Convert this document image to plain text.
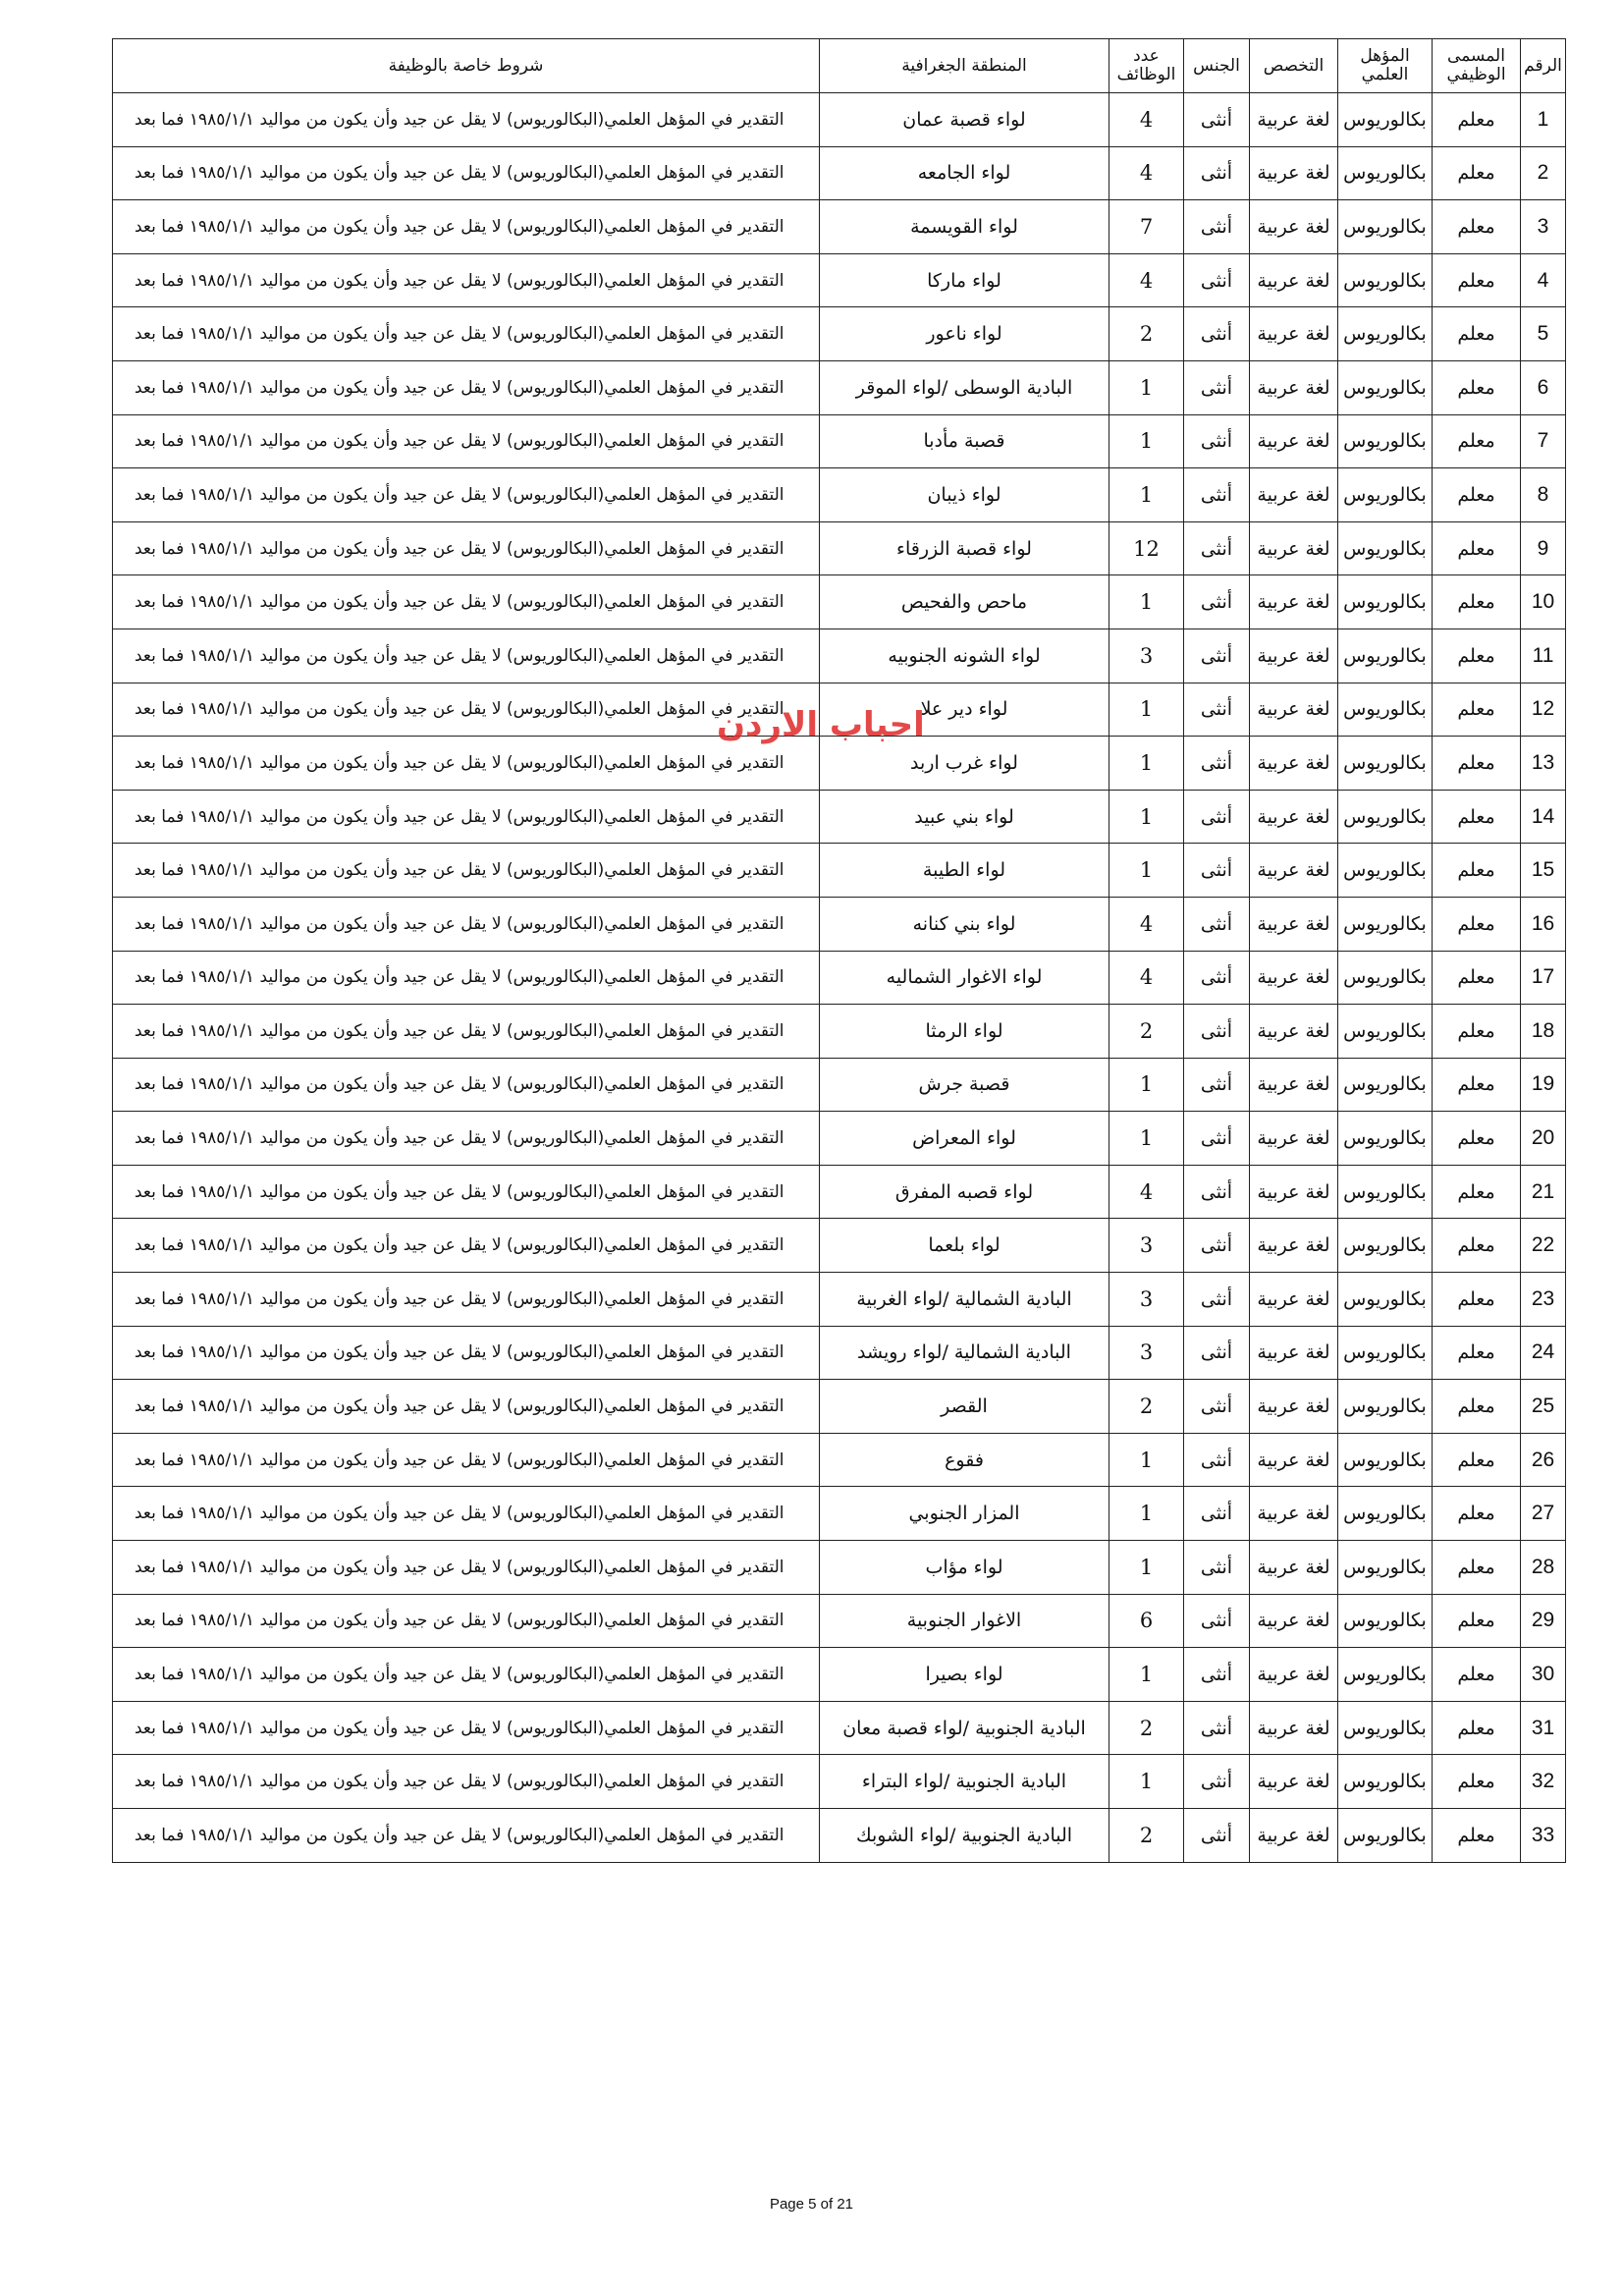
الرقم	المسمى الوظيفي	المؤهل العلمي	التخصص	الجنس	عدد الوظائف	المنطقة الجغرافية	شروط خاصة بالوظيفة
1	معلم	بكالوريوس	لغة عربية	أنثى	4	لواء قصبة عمان	التقدير في المؤهل العلمي(البكالوريوس) لا يقل عن جيد وأن يكون من مواليد ١٩٨٥/١/١ فما بعد
2	معلم	بكالوريوس	لغة عربية	أنثى	4	لواء الجامعه	التقدير في المؤهل العلمي(البكالوريوس) لا يقل عن جيد وأن يكون من مواليد ١٩٨٥/١/١ فما بعد
3	معلم	بكالوريوس	لغة عربية	أنثى	7	لواء القويسمة	التقدير في المؤهل العلمي(البكالوريوس) لا يقل عن جيد وأن يكون من مواليد ١٩٨٥/١/١ فما بعد
4	معلم	بكالوريوس	لغة عربية	أنثى	4	لواء ماركا	التقدير في المؤهل العلمي(البكالوريوس) لا يقل عن جيد وأن يكون من مواليد ١٩٨٥/١/١ فما بعد
5	معلم	بكالوريوس	لغة عربية	أنثى	2	لواء ناعور	التقدير في المؤهل العلمي(البكالوريوس) لا يقل عن جيد وأن يكون من مواليد ١٩٨٥/١/١ فما بعد
6	معلم	بكالوريوس	لغة عربية	أنثى	1	البادية الوسطى /لواء الموقر	التقدير في المؤهل العلمي(البكالوريوس) لا يقل عن جيد وأن يكون من مواليد ١٩٨٥/١/١ فما بعد
7	معلم	بكالوريوس	لغة عربية	أنثى	1	قصبة مأدبا	التقدير في المؤهل العلمي(البكالوريوس) لا يقل عن جيد وأن يكون من مواليد ١٩٨٥/١/١ فما بعد
8	معلم	بكالوريوس	لغة عربية	أنثى	1	لواء ذيبان	التقدير في المؤهل العلمي(البكالوريوس) لا يقل عن جيد وأن يكون من مواليد ١٩٨٥/١/١ فما بعد
9	معلم	بكالوريوس	لغة عربية	أنثى	12	لواء قصبة الزرقاء	التقدير في المؤهل العلمي(البكالوريوس) لا يقل عن جيد وأن يكون من مواليد ١٩٨٥/١/١ فما بعد
10	معلم	بكالوريوس	لغة عربية	أنثى	1	ماحص والفحيص	التقدير في المؤهل العلمي(البكالوريوس) لا يقل عن جيد وأن يكون من مواليد ١٩٨٥/١/١ فما بعد
11	معلم	بكالوريوس	لغة عربية	أنثى	3	لواء الشونه الجنوبيه	التقدير في المؤهل العلمي(البكالوريوس) لا يقل عن جيد وأن يكون من مواليد ١٩٨٥/١/١ فما بعد
12	معلم	بكالوريوس	لغة عربية	أنثى	1	لواء دير علا	التقدير في المؤهل العلمي(البكالوريوس) لا يقل عن جيد وأن يكون من مواليد ١٩٨٥/١/١ فما بعد
13	معلم	بكالوريوس	لغة عربية	أنثى	1	لواء غرب اربد	التقدير في المؤهل العلمي(البكالوريوس) لا يقل عن جيد وأن يكون من مواليد ١٩٨٥/١/١ فما بعد
14	معلم	بكالوريوس	لغة عربية	أنثى	1	لواء بني عبيد	التقدير في المؤهل العلمي(البكالوريوس) لا يقل عن جيد وأن يكون من مواليد ١٩٨٥/١/١ فما بعد
15	معلم	بكالوريوس	لغة عربية	أنثى	1	لواء الطيبة	التقدير في المؤهل العلمي(البكالوريوس) لا يقل عن جيد وأن يكون من مواليد ١٩٨٥/١/١ فما بعد
16	معلم	بكالوريوس	لغة عربية	أنثى	4	لواء بني كنانه	التقدير في المؤهل العلمي(البكالوريوس) لا يقل عن جيد وأن يكون من مواليد ١٩٨٥/١/١ فما بعد
17	معلم	بكالوريوس	لغة عربية	أنثى	4	لواء الاغوار الشماليه	التقدير في المؤهل العلمي(البكالوريوس) لا يقل عن جيد وأن يكون من مواليد ١٩٨٥/١/١ فما بعد
18	معلم	بكالوريوس	لغة عربية	أنثى	2	لواء الرمثا	التقدير في المؤهل العلمي(البكالوريوس) لا يقل عن جيد وأن يكون من مواليد ١٩٨٥/١/١ فما بعد
19	معلم	بكالوريوس	لغة عربية	أنثى	1	قصبة جرش	التقدير في المؤهل العلمي(البكالوريوس) لا يقل عن جيد وأن يكون من مواليد ١٩٨٥/١/١ فما بعد
20	معلم	بكالوريوس	لغة عربية	أنثى	1	لواء المعراض	التقدير في المؤهل العلمي(البكالوريوس) لا يقل عن جيد وأن يكون من مواليد ١٩٨٥/١/١ فما بعد
21	معلم	بكالوريوس	لغة عربية	أنثى	4	لواء قصبه المفرق	التقدير في المؤهل العلمي(البكالوريوس) لا يقل عن جيد وأن يكون من مواليد ١٩٨٥/١/١ فما بعد
22	معلم	بكالوريوس	لغة عربية	أنثى	3	لواء بلعما	التقدير في المؤهل العلمي(البكالوريوس) لا يقل عن جيد وأن يكون من مواليد ١٩٨٥/١/١ فما بعد
23	معلم	بكالوريوس	لغة عربية	أنثى	3	البادية الشمالية /لواء الغربية	التقدير في المؤهل العلمي(البكالوريوس) لا يقل عن جيد وأن يكون من مواليد ١٩٨٥/١/١ فما بعد
24	معلم	بكالوريوس	لغة عربية	أنثى	3	البادية الشمالية /لواء رويشد	التقدير في المؤهل العلمي(البكالوريوس) لا يقل عن جيد وأن يكون من مواليد ١٩٨٥/١/١ فما بعد
25	معلم	بكالوريوس	لغة عربية	أنثى	2	القصر	التقدير في المؤهل العلمي(البكالوريوس) لا يقل عن جيد وأن يكون من مواليد ١٩٨٥/١/١ فما بعد
26	معلم	بكالوريوس	لغة عربية	أنثى	1	فقوع	التقدير في المؤهل العلمي(البكالوريوس) لا يقل عن جيد وأن يكون من مواليد ١٩٨٥/١/١ فما بعد
27	معلم	بكالوريوس	لغة عربية	أنثى	1	المزار الجنوبي	التقدير في المؤهل العلمي(البكالوريوس) لا يقل عن جيد وأن يكون من مواليد ١٩٨٥/١/١ فما بعد
28	معلم	بكالوريوس	لغة عربية	أنثى	1	لواء مؤاب	التقدير في المؤهل العلمي(البكالوريوس) لا يقل عن جيد وأن يكون من مواليد ١٩٨٥/١/١ فما بعد
29	معلم	بكالوريوس	لغة عربية	أنثى	6	الاغوار الجنوبية	التقدير في المؤهل العلمي(البكالوريوس) لا يقل عن جيد وأن يكون من مواليد ١٩٨٥/١/١ فما بعد
30	معلم	بكالوريوس	لغة عربية	أنثى	1	لواء بصيرا	التقدير في المؤهل العلمي(البكالوريوس) لا يقل عن جيد وأن يكون من مواليد ١٩٨٥/١/١ فما بعد
31	معلم	بكالوريوس	لغة عربية	أنثى	2	البادية الجنوبية /لواء قصبة معان	التقدير في المؤهل العلمي(البكالوريوس) لا يقل عن جيد وأن يكون من مواليد ١٩٨٥/١/١ فما بعد
32	معلم	بكالوريوس	لغة عربية	أنثى	1	البادية الجنوبية /لواء البتراء	التقدير في المؤهل العلمي(البكالوريوس) لا يقل عن جيد وأن يكون من مواليد ١٩٨٥/١/١ فما بعد
33	معلم	بكالوريوس	لغة عربية	أنثى	2	البادية الجنوبية /لواء الشوبك	التقدير في المؤهل العلمي(البكالوريوس) لا يقل عن جيد وأن يكون من مواليد ١٩٨٥/١/١ فما بعد
احباب الاردن
Page 5 of 21
